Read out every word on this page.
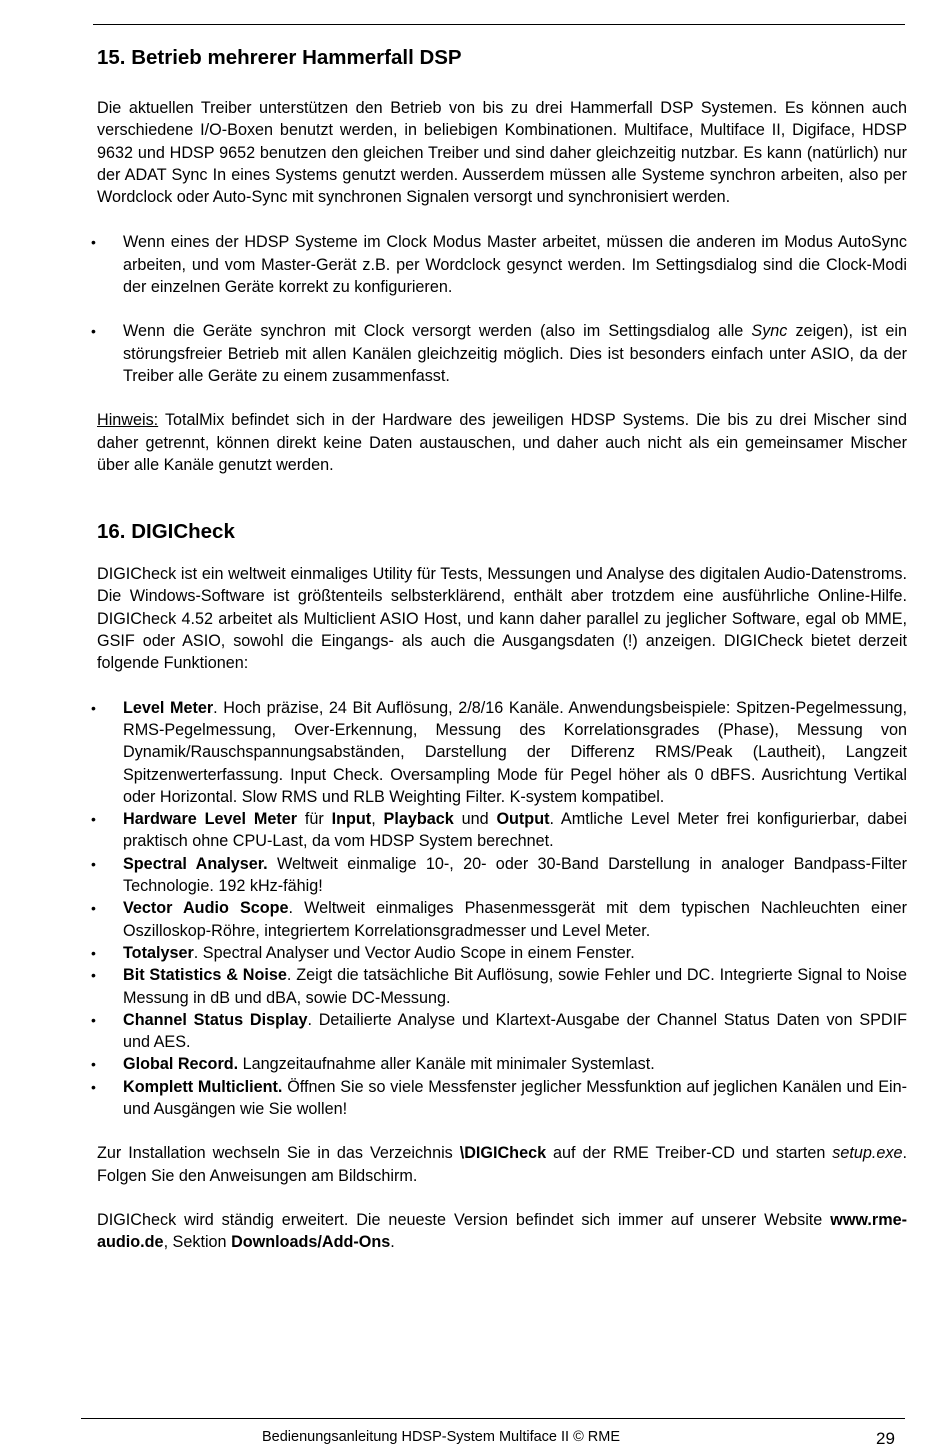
15. Betrieb mehrerer Hammerfall DSP

Die aktuellen Treiber unterstützen den Betrieb von bis zu drei Hammerfall DSP Systemen. Es können auch verschiedene I/O-Boxen benutzt werden, in beliebigen Kombinationen. Multiface, Multiface II, Digiface, HDSP 9632 und HDSP 9652 benutzen den gleichen Treiber und sind daher gleichzeitig nutzbar. Es kann (natürlich) nur der ADAT Sync In eines Systems genutzt werden. Ausserdem müssen alle Systeme synchron arbeiten, also per Wordclock oder Auto-Sync mit synchronen Signalen versorgt und synchronisiert werden.

• Wenn eines der HDSP Systeme im Clock Modus Master arbeitet, müssen die anderen im Modus AutoSync arbeiten, und vom Master-Gerät z.B. per Wordclock gesynct werden. Im Settingsdialog sind die Clock-Modi der einzelnen Geräte korrekt zu konfigurieren.
• Wenn die Geräte synchron mit Clock versorgt werden (also im Settingsdialog alle Sync zeigen), ist ein störungsfreier Betrieb mit allen Kanälen gleichzeitig möglich. Dies ist besonders einfach unter ASIO, da der Treiber alle Geräte zu einem zusammenfasst.

Hinweis: TotalMix befindet sich in der Hardware des jeweiligen HDSP Systems. Die bis zu drei Mischer sind daher getrennt, können direkt keine Daten austauschen, und daher auch nicht als ein gemeinsamer Mischer über alle Kanäle genutzt werden.

16. DIGICheck

DIGICheck ist ein weltweit einmaliges Utility für Tests, Messungen und Analyse des digitalen Audio-Datenstroms. Die Windows-Software ist größtenteils selbsterklärend, enthält aber trotzdem eine ausführliche Online-Hilfe. DIGICheck 4.52 arbeitet als Multiclient ASIO Host, und kann daher parallel zu jeglicher Software, egal ob MME, GSIF oder ASIO, sowohl die Eingangs- als auch die Ausgangsdaten (!) anzeigen. DIGICheck bietet derzeit folgende Funktionen:

• Level Meter. Hoch präzise, 24 Bit Auflösung, 2/8/16 Kanäle. Anwendungsbeispiele: Spitzen-Pegelmessung, RMS-Pegelmessung, Over-Erkennung, Messung des Korrelationsgrades (Phase), Messung von Dynamik/Rauschspannungsabständen, Darstellung der Differenz RMS/Peak (Lautheit), Langzeit Spitzenwerterfassung. Input Check. Oversampling Mode für Pegel höher als 0 dBFS. Ausrichtung Vertikal oder Horizontal. Slow RMS und RLB Weighting Filter. K-system kompatibel.
• Hardware Level Meter für Input, Playback und Output. Amtliche Level Meter frei konfigurierbar, dabei praktisch ohne CPU-Last, da vom HDSP System berechnet.
• Spectral Analyser. Weltweit einmalige 10-, 20- oder 30-Band Darstellung in analoger Bandpass-Filter Technologie. 192 kHz-fähig!
• Vector Audio Scope. Weltweit einmaliges Phasenmessgerät mit dem typischen Nachleuchten einer Oszilloskop-Röhre, integriertem Korrelationsgradmesser und Level Meter.
• Totalyser. Spectral Analyser und Vector Audio Scope in einem Fenster.
• Bit Statistics & Noise. Zeigt die tatsächliche Bit Auflösung, sowie Fehler und DC. Integrierte Signal to Noise Messung in dB und dBA, sowie DC-Messung.
• Channel Status Display. Detailierte Analyse und Klartext-Ausgabe der Channel Status Daten von SPDIF und AES.
• Global Record. Langzeitaufnahme aller Kanäle mit minimaler Systemlast.
• Komplett Multiclient. Öffnen Sie so viele Messfenster jeglicher Messfunktion auf jeglichen Kanälen und Ein- und Ausgängen wie Sie wollen!

Zur Installation wechseln Sie in das Verzeichnis \DIGICheck auf der RME Treiber-CD und starten setup.exe. Folgen Sie den Anweisungen am Bildschirm.

DIGICheck wird ständig erweitert. Die neueste Version befindet sich immer auf unserer Website www.rme-audio.de, Sektion Downloads/Add-Ons.

Bedienungsanleitung HDSP-System Multiface II © RME	29
